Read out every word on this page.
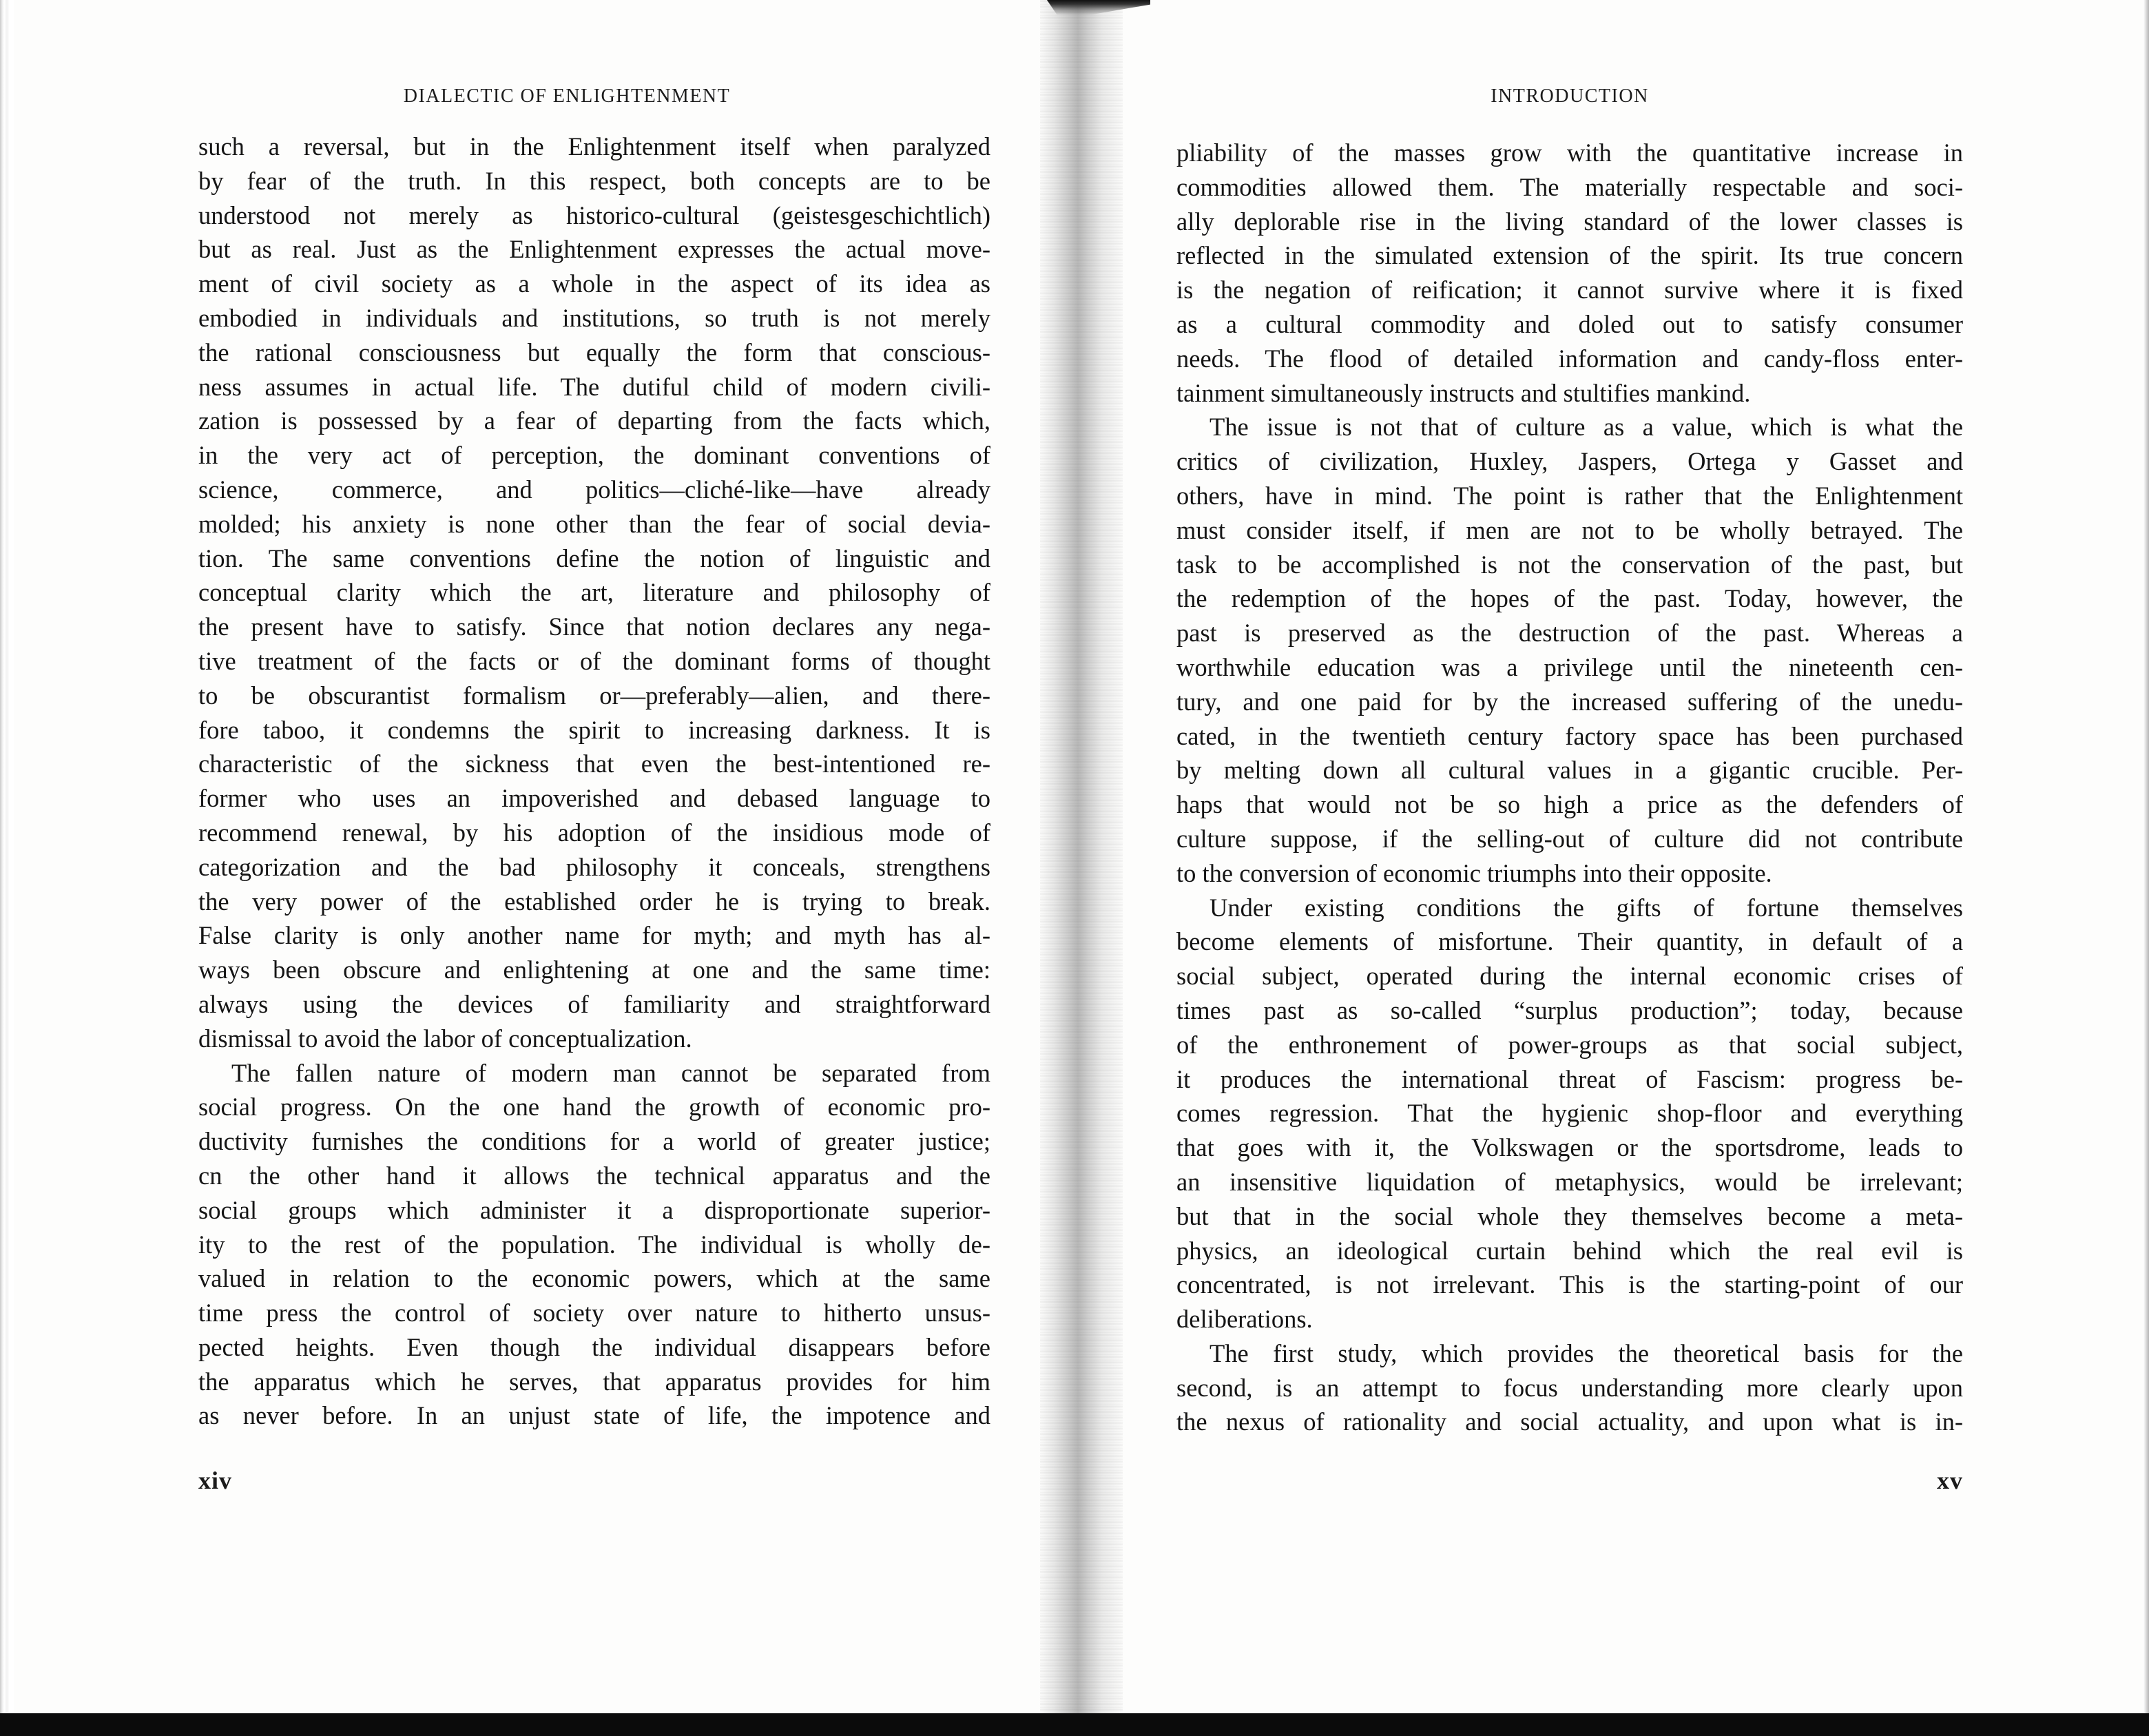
DIALECTIC OF ENLIGHTENMENT
such a reversal, but in the Enlightenment itself when paralyzed
by fear of the truth. In this respect, both concepts are to be
understood not merely as historico-cultural (geistesgeschichtlich)
but as real. Just as the Enlightenment expresses the actual move-
ment of civil society as a whole in the aspect of its idea as
embodied in individuals and institutions, so truth is not merely
the rational consciousness but equally the form that conscious-
ness assumes in actual life. The dutiful child of modern civili-
zation is possessed by a fear of departing from the facts which,
in the very act of perception, the dominant conventions of
science, commerce, and politics—cliché-like—have already
molded; his anxiety is none other than the fear of social devia-
tion. The same conventions define the notion of linguistic and
conceptual clarity which the art, literature and philosophy of
the present have to satisfy. Since that notion declares any nega-
tive treatment of the facts or of the dominant forms of thought
to be obscurantist formalism or—preferably—alien, and there-
fore taboo, it condemns the spirit to increasing darkness. It is
characteristic of the sickness that even the best-intentioned re-
former who uses an impoverished and debased language to
recommend renewal, by his adoption of the insidious mode of
categorization and the bad philosophy it conceals, strengthens
the very power of the established order he is trying to break.
False clarity is only another name for myth; and myth has al-
ways been obscure and enlightening at one and the same time:
always using the devices of familiarity and straightforward
dismissal to avoid the labor of conceptualization.
The fallen nature of modern man cannot be separated from
social progress. On the one hand the growth of economic pro-
ductivity furnishes the conditions for a world of greater justice;
cn the other hand it allows the technical apparatus and the
social groups which administer it a disproportionate superior-
ity to the rest of the population. The individual is wholly de-
valued in relation to the economic powers, which at the same
time press the control of society over nature to hitherto unsus-
pected heights. Even though the individual disappears before
the apparatus which he serves, that apparatus provides for him
as never before. In an unjust state of life, the impotence and
xiv
INTRODUCTION
pliability of the masses grow with the quantitative increase in
commodities allowed them. The materially respectable and soci-
ally deplorable rise in the living standard of the lower classes is
reflected in the simulated extension of the spirit. Its true concern
is the negation of reification; it cannot survive where it is fixed
as a cultural commodity and doled out to satisfy consumer
needs. The flood of detailed information and candy-floss enter-
tainment simultaneously instructs and stultifies mankind.
The issue is not that of culture as a value, which is what the
critics of civilization, Huxley, Jaspers, Ortega y Gasset and
others, have in mind. The point is rather that the Enlightenment
must consider itself, if men are not to be wholly betrayed. The
task to be accomplished is not the conservation of the past, but
the redemption of the hopes of the past. Today, however, the
past is preserved as the destruction of the past. Whereas a
worthwhile education was a privilege until the nineteenth cen-
tury, and one paid for by the increased suffering of the unedu-
cated, in the twentieth century factory space has been purchased
by melting down all cultural values in a gigantic crucible. Per-
haps that would not be so high a price as the defenders of
culture suppose, if the selling-out of culture did not contribute
to the conversion of economic triumphs into their opposite.
Under existing conditions the gifts of fortune themselves
become elements of misfortune. Their quantity, in default of a
social subject, operated during the internal economic crises of
times past as so-called “surplus production”; today, because
of the enthronement of power-groups as that social subject,
it produces the international threat of Fascism: progress be-
comes regression. That the hygienic shop-floor and everything
that goes with it, the Volkswagen or the sportsdrome, leads to
an insensitive liquidation of metaphysics, would be irrelevant;
but that in the social whole they themselves become a meta-
physics, an ideological curtain behind which the real evil is
concentrated, is not irrelevant. This is the starting-point of our
deliberations.
The first study, which provides the theoretical basis for the
second, is an attempt to focus understanding more clearly upon
the nexus of rationality and social actuality, and upon what is in-
xv
